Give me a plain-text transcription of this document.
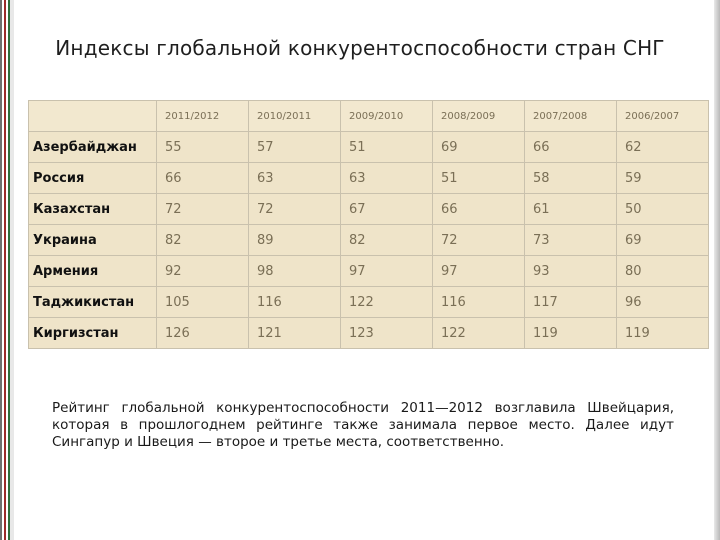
Индексы глобальной конкурентоспособности стран СНГ
	2011/2012	2010/2011	2009/2010	2008/2009	2007/2008	2006/2007
Азербайджан	55	57	51	69	66	62
Россия	66	63	63	51	58	59
Казахстан	72	72	67	66	61	50
Украина	82	89	82	72	73	69
Армения	92	98	97	97	93	80
Таджикистан	105	116	122	116	117	96
Киргизстан	126	121	123	122	119	119
Рейтинг глобальной конкурентоспособности 2011—2012 возглавила Швейцария, которая в прошлогоднем рейтинге также занимала первое место. Далее идут Сингапур и Швеция — второе и третье места, соответственно.
